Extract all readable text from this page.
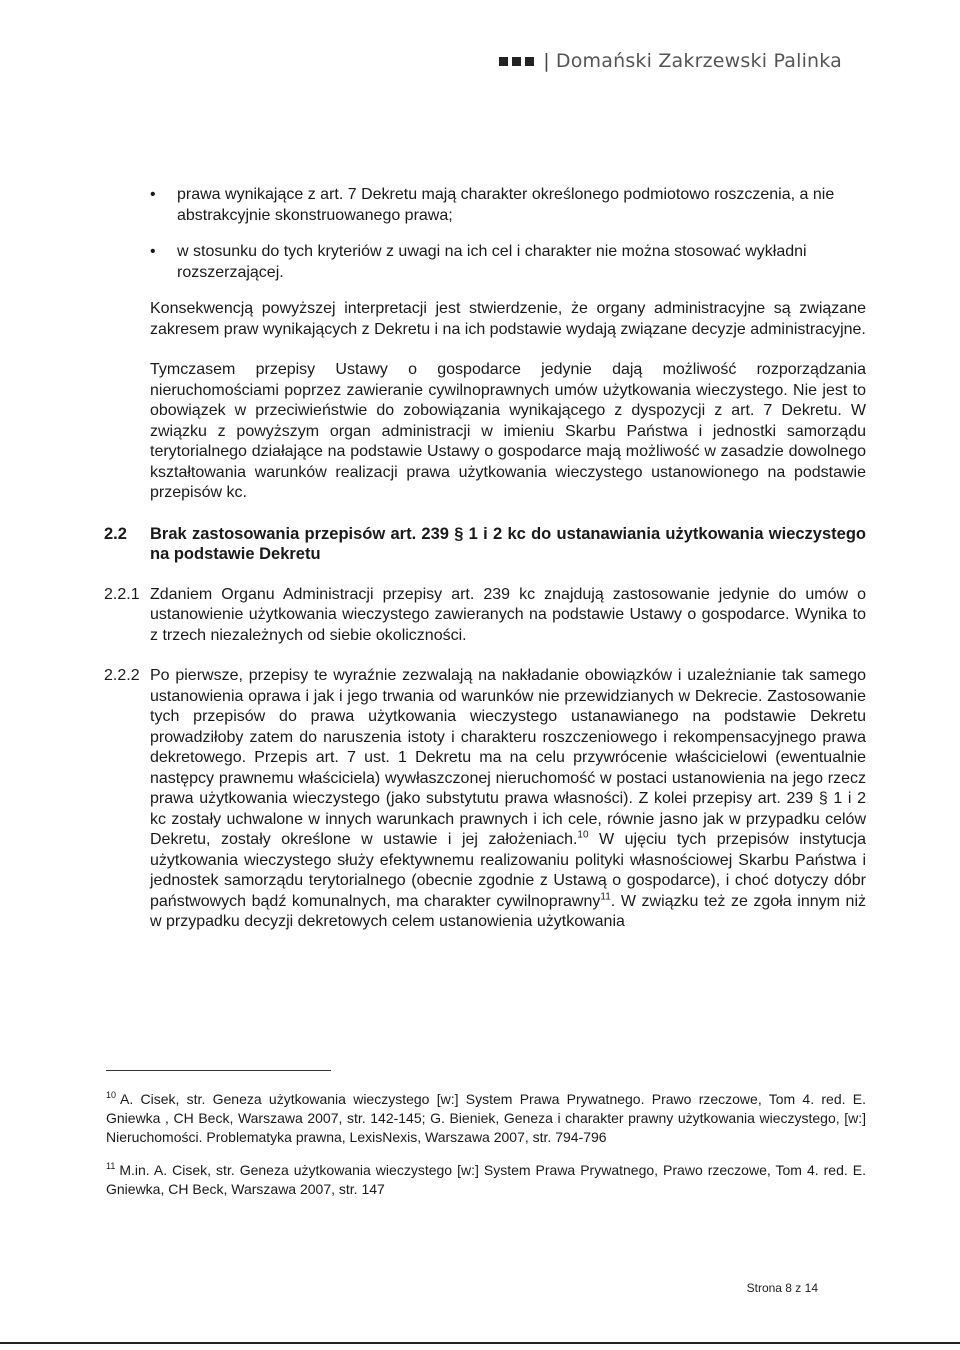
| Domański Zakrzewski Palinka
• prawa wynikające z art. 7 Dekretu mają charakter określonego podmiotowo roszczenia, a nie abstrakcyjnie skonstruowanego prawa;
• w stosunku do tych kryteriów z uwagi na ich cel i charakter nie można stosować wykładni rozszerzającej.

Konsekwencją powyższej interpretacji jest stwierdzenie, że organy administracyjne są związane zakresem praw wynikających z Dekretu i na ich podstawie wydają związane decyzje administracyjne.

Tymczasem przepisy Ustawy o gospodarce jedynie dają możliwość rozporządzania nieruchomościami poprzez zawieranie cywilnoprawnych umów użytkowania wieczystego. Nie jest to obowiązek w przeciwieństwie do zobowiązania wynikającego z dyspozycji z art. 7 Dekretu. W związku z powyższym organ administracji w imieniu Skarbu Państwa i jednostki samorządu terytorialnego działające na podstawie Ustawy o gospodarce mają możliwość w zasadzie dowolnego kształtowania warunków realizacji prawa użytkowania wieczystego ustanowionego na podstawie przepisów kc.

2.2	Brak zastosowania przepisów art. 239 § 1 i 2 kc do ustanawiania użytkowania wieczystego na podstawie Dekretu
2.2.1 Zdaniem Organu Administracji przepisy art. 239 kc znajdują zastosowanie jedynie do umów o ustanowienie użytkowania wieczystego zawieranych na podstawie Ustawy o gospodarce. Wynika to z trzech niezależnych od siebie okoliczności.
2.2.2 Po pierwsze, przepisy te wyraźnie zezwalają na nakładanie obowiązków i uzależnianie tak samego ustanowienia oprawa i jak i jego trwania od warunków nie przewidzianych w Dekrecie. Zastosowanie tych przepisów do prawa użytkowania wieczystego ustanawianego na podstawie Dekretu prowadziłoby zatem do naruszenia istoty i charakteru roszczeniowego i rekompensacyjnego prawa dekretowego. Przepis art. 7 ust. 1 Dekretu ma na celu przywrócenie właścicielowi (ewentualnie następcy prawnemu właściciela) wywłaszczonej nieruchomość w postaci ustanowienia na jego rzecz prawa użytkowania wieczystego (jako substytutu prawa własności). Z kolei przepisy art. 239 § 1 i 2 kc zostały uchwalone w innych warunkach prawnych i ich cele, równie jasno jak w przypadku celów Dekretu, zostały określone w ustawie i jej założeniach.$^{10}$ W ujęciu tych przepisów instytucja użytkowania wieczystego służy efektywnemu realizowaniu polityki własnościowej Skarbu Państwa i jednostek samorządu terytorialnego (obecnie zgodnie z Ustawą o gospodarce), i choć dotyczy dóbr państwowych bądź komunalnych, ma charakter cywilnoprawny$^{11}$. W związku też ze zgoła innym niż w przypadku decyzji dekretowych celem ustanowienia użytkowania
$^{10}$ A. Cisek, str. Geneza użytkowania wieczystego [w:] System Prawa Prywatnego. Prawo rzeczowe, Tom 4. red. E. Gniewka , CH Beck, Warszawa 2007, str. 142-145; G. Bieniek, Geneza i charakter prawny użytkowania wieczystego, [w:] Nieruchomości. Problematyka prawna, LexisNexis, Warszawa 2007, str. 794-796
$^{11}$ M.in. A. Cisek, str. Geneza użytkowania wieczystego [w:] System Prawa Prywatnego, Prawo rzeczowe, Tom 4. red. E. Gniewka, CH Beck, Warszawa 2007, str. 147
Strona 8 z 14
